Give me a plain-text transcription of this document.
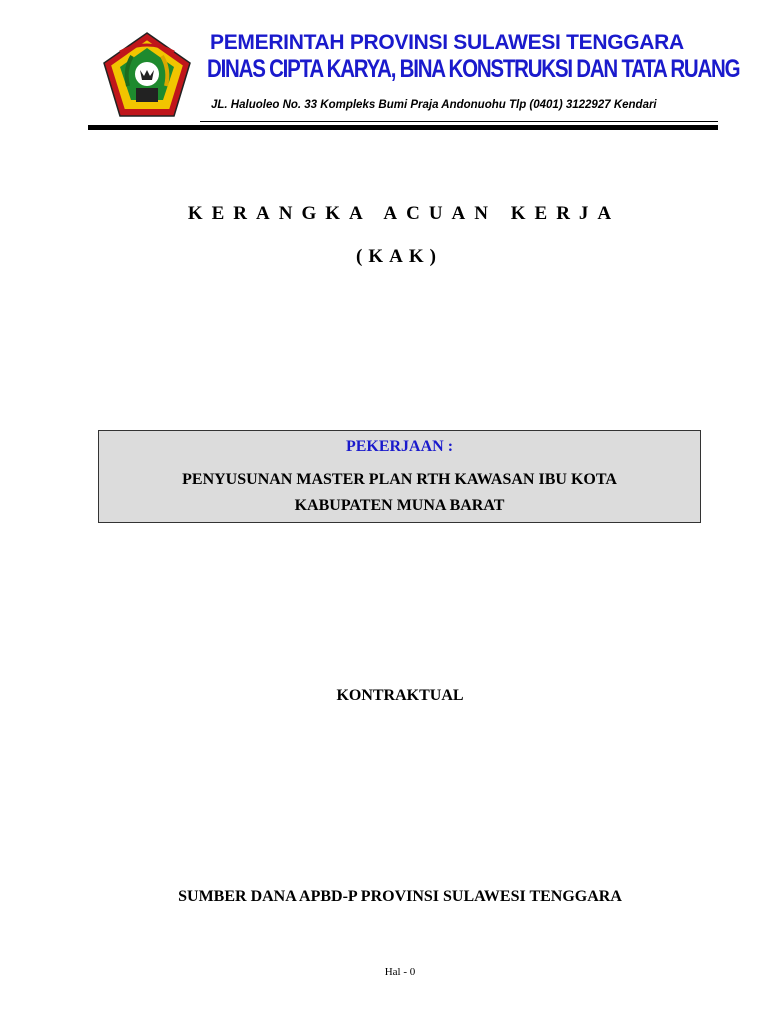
PEMERINTAH PROVINSI SULAWESI TENGGARA
DINAS CIPTA KARYA, BINA KONSTRUKSI DAN TATA RUANG
JL. Haluoleo No. 33 Kompleks Bumi Praja Andonuohu Tlp (0401) 3122927 Kendari
KERANGKA ACUAN KERJA
(KAK)
PEKERJAAN :
PENYUSUNAN MASTER PLAN RTH KAWASAN IBU KOTA
KABUPATEN MUNA BARAT
KONTRAKTUAL
SUMBER DANA APBD-P PROVINSI SULAWESI TENGGARA
Hal - 0
